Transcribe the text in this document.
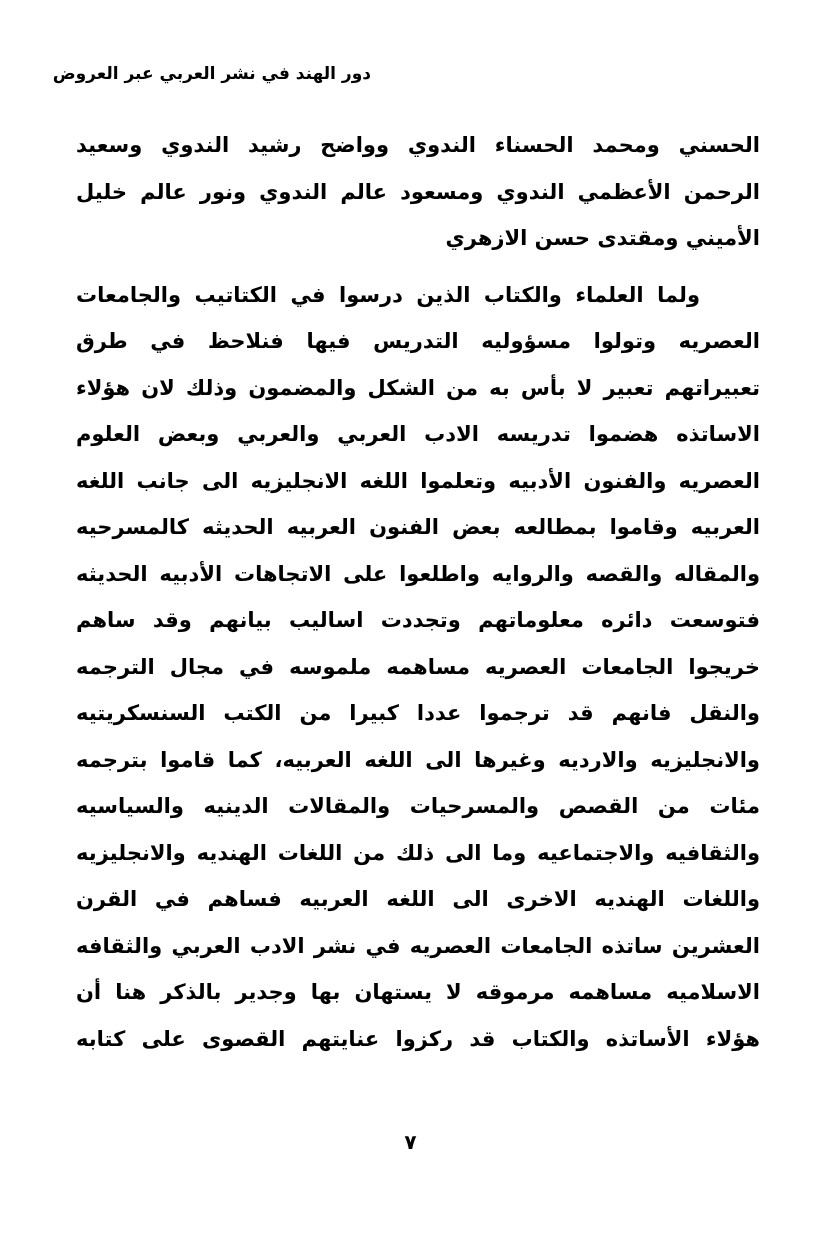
دور الهند في نشر العربي عبر العروض
الحسني ومحمد الحسناء الندوي وواضح رشيد الندوي وسعيد
الرحمن الأعظمي الندوي ومسعود عالم الندوي ونور عالم خليل
الأميني ومقتدى حسن الازهري
ولما العلماء والكتاب الذين درسوا في الكتاتيب والجامعات
العصريه وتولوا مسؤوليه التدريس فيها فنلاحظ في طرق
تعبيراتهم تعبير لا بأس به من الشكل والمضمون وذلك لان هؤلاء
الاساتذه هضموا تدريسه الادب العربي والعربي وبعض العلوم
العصريه والفنون الأدبيه وتعلموا اللغه الانجليزيه الى جانب اللغه
العربيه وقاموا بمطالعه بعض الفنون العربيه الحديثه كالمسرحيه
والمقاله والقصه والروايه واطلعوا على الاتجاهات الأدبيه الحديثه
فتوسعت دائره معلوماتهم وتجددت اساليب بيانهم وقد ساهم
خريجوا الجامعات العصريه مساهمه ملموسه في مجال الترجمه
والنقل فانهم قد ترجموا عددا كبيرا من الكتب السنسكريتيه
والانجليزيه والارديه وغيرها الى اللغه العربيه، كما قاموا بترجمه
مئات من القصص والمسرحيات والمقالات الدينيه والسياسيه
والثقافيه والاجتماعيه وما الى ذلك من اللغات الهنديه والانجليزيه
واللغات الهنديه الاخرى الى اللغه العربيه فساهم في القرن
العشرين ساتذه الجامعات العصريه في نشر الادب العربي والثقافه
الاسلاميه مساهمه مرموقه لا يستهان بها وجدير بالذكر هنا أن
هؤلاء الأساتذه والكتاب قد ركزوا عنايتهم القصوى على كتابه
٧
